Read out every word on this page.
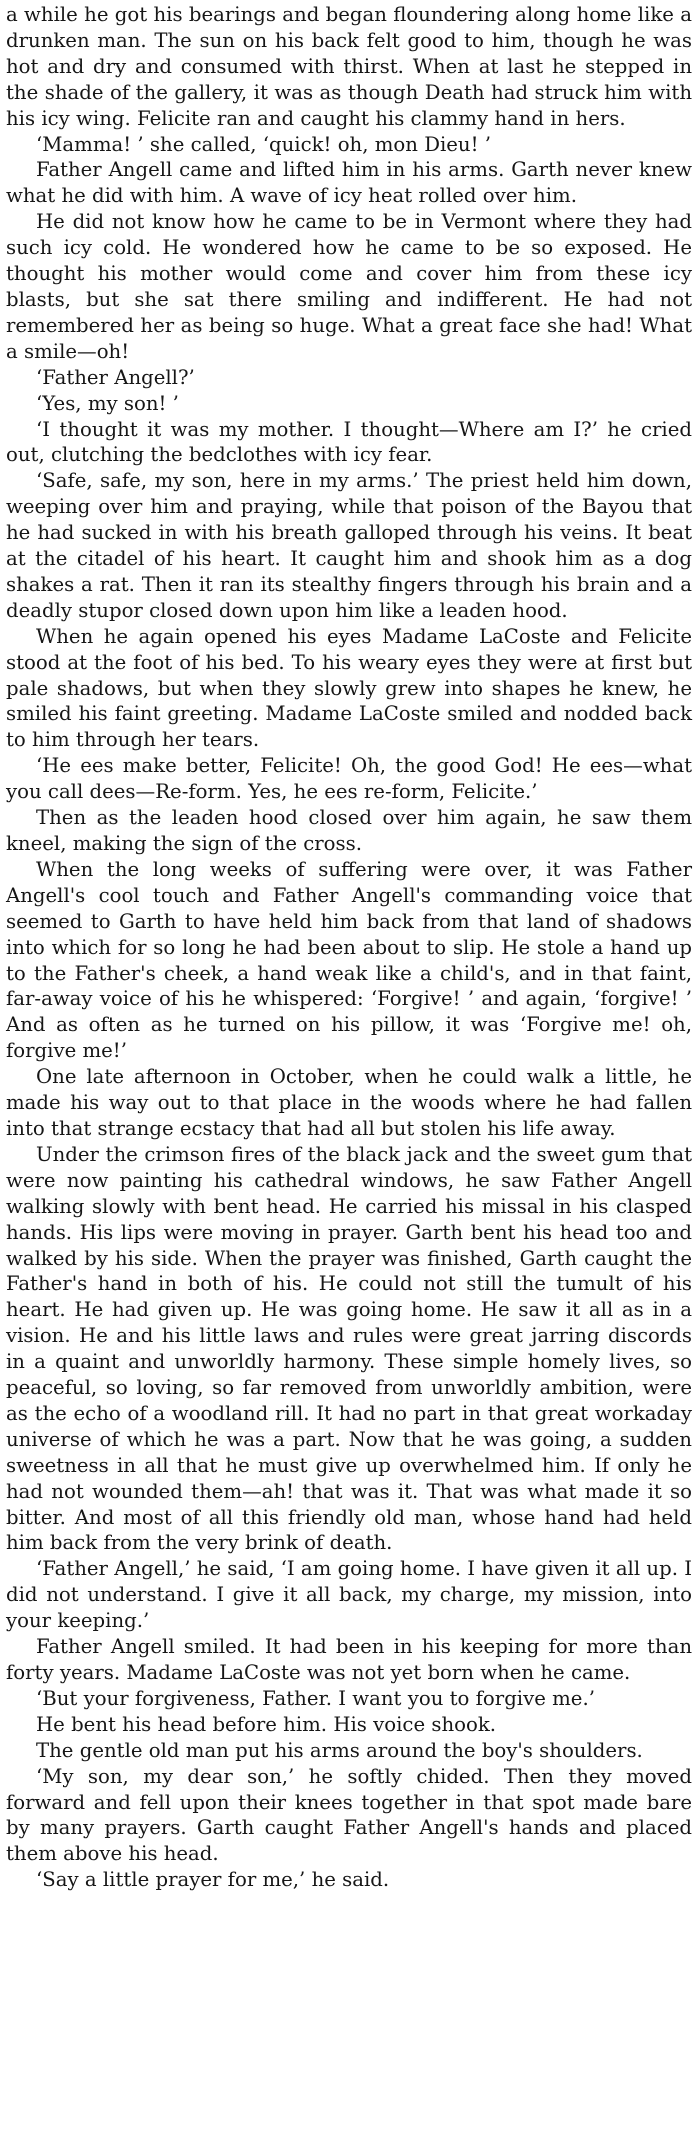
a while he got his bearings and began floundering along home like a drunken man. The sun on his back felt good to him, though he was hot and dry and consumed with thirst. When at last he stepped in the shade of the gallery, it was as though Death had struck him with his icy wing. Felicite ran and caught his clammy hand in hers.

‘Mamma! ’ she called, ‘quick! oh, mon Dieu! ’

Father Angell came and lifted him in his arms. Garth never knew what he did with him. A wave of icy heat rolled over him.

He did not know how he came to be in Vermont where they had such icy cold. He wondered how he came to be so exposed. He thought his mother would come and cover him from these icy blasts, but she sat there smiling and indifferent. He had not remembered her as being so huge. What a great face she had! What a smile—oh!

‘Father Angell?’

‘Yes, my son! ’

‘I thought it was my mother. I thought—Where am I?’ he cried out, clutching the bedclothes with icy fear.

‘Safe, safe, my son, here in my arms.’ The priest held him down, weeping over him and praying, while that poison of the Bayou that he had sucked in with his breath galloped through his veins. It beat at the citadel of his heart. It caught him and shook him as a dog shakes a rat. Then it ran its stealthy fingers through his brain and a deadly stupor closed down upon him like a leaden hood.

When he again opened his eyes Madame LaCoste and Felicite stood at the foot of his bed. To his weary eyes they were at first but pale shadows, but when they slowly grew into shapes he knew, he smiled his faint greeting. Madame LaCoste smiled and nodded back to him through her tears.

‘He ees make better, Felicite! Oh, the good God! He ees—what you call dees—Re-form. Yes, he ees re-form, Felicite.’

Then as the leaden hood closed over him again, he saw them kneel, making the sign of the cross.

When the long weeks of suffering were over, it was Father Angell's cool touch and Father Angell's commanding voice that seemed to Garth to have held him back from that land of shadows into which for so long he had been about to slip. He stole a hand up to the Father's cheek, a hand weak like a child's, and in that faint, far-away voice of his he whispered: ‘Forgive! ’ and again, ‘forgive! ’ And as often as he turned on his pillow, it was ‘Forgive me! oh, forgive me!’

One late afternoon in October, when he could walk a little, he made his way out to that place in the woods where he had fallen into that strange ecstacy that had all but stolen his life away.

Under the crimson fires of the black jack and the sweet gum that were now painting his cathedral windows, he saw Father Angell walking slowly with bent head. He carried his missal in his clasped hands. His lips were moving in prayer. Garth bent his head too and walked by his side. When the prayer was finished, Garth caught the Father's hand in both of his. He could not still the tumult of his heart. He had given up. He was going home. He saw it all as in a vision. He and his little laws and rules were great jarring discords in a quaint and unworldly harmony. These simple homely lives, so peaceful, so loving, so far removed from unworldly ambition, were as the echo of a woodland rill. It had no part in that great workaday universe of which he was a part. Now that he was going, a sudden sweetness in all that he must give up overwhelmed him. If only he had not wounded them—ah! that was it. That was what made it so bitter. And most of all this friendly old man, whose hand had held him back from the very brink of death.

‘Father Angell,’ he said, ‘I am going home. I have given it all up. I did not understand. I give it all back, my charge, my mission, into your keeping.’

Father Angell smiled. It had been in his keeping for more than forty years. Madame LaCoste was not yet born when he came.

‘But your forgiveness, Father. I want you to forgive me.’

He bent his head before him. His voice shook.

The gentle old man put his arms around the boy's shoulders.

‘My son, my dear son,’ he softly chided. Then they moved forward and fell upon their knees together in that spot made bare by many prayers. Garth caught Father Angell's hands and placed them above his head.

‘Say a little prayer for me,’ he said.
